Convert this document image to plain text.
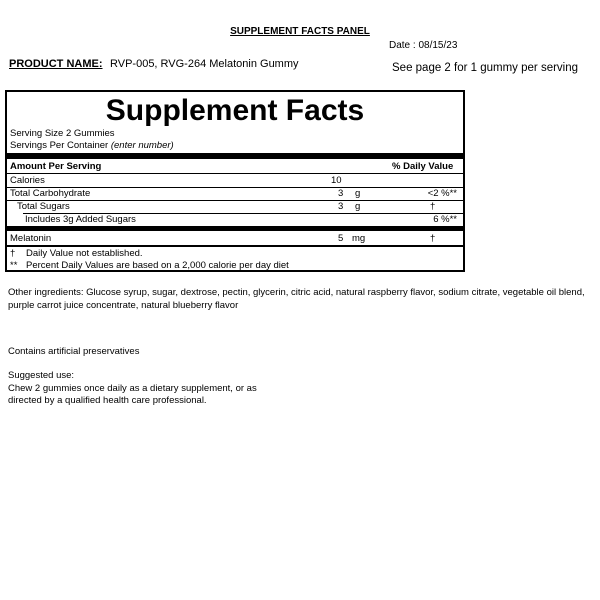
SUPPLEMENT FACTS PANEL
Date : 08/15/23
PRODUCT NAME: RVP-005, RVG-264 Melatonin Gummy	See page 2 for 1 gummy per serving
Supplement Facts
Serving Size 2 Gummies
Servings Per Container (enter number)
Amount Per Serving	% Daily Value
Calories	10
Total Carbohydrate	3 g	<2 %**
Total Sugars	3 g	†
Includes 3g Added Sugars	6 %**
Melatonin	5 mg	†
† Daily Value not established.
** Percent Daily Values are based on a 2,000 calorie per day diet
Other ingredients: Glucose syrup, sugar, dextrose, pectin, glycerin, citric acid, natural raspberry flavor, sodium citrate, vegetable oil blend, purple carrot juice concentrate, natural blueberry flavor
Contains artificial preservatives
Suggested use:
Chew 2 gummies once daily as a dietary supplement, or as
directed by a qualified health care professional.
